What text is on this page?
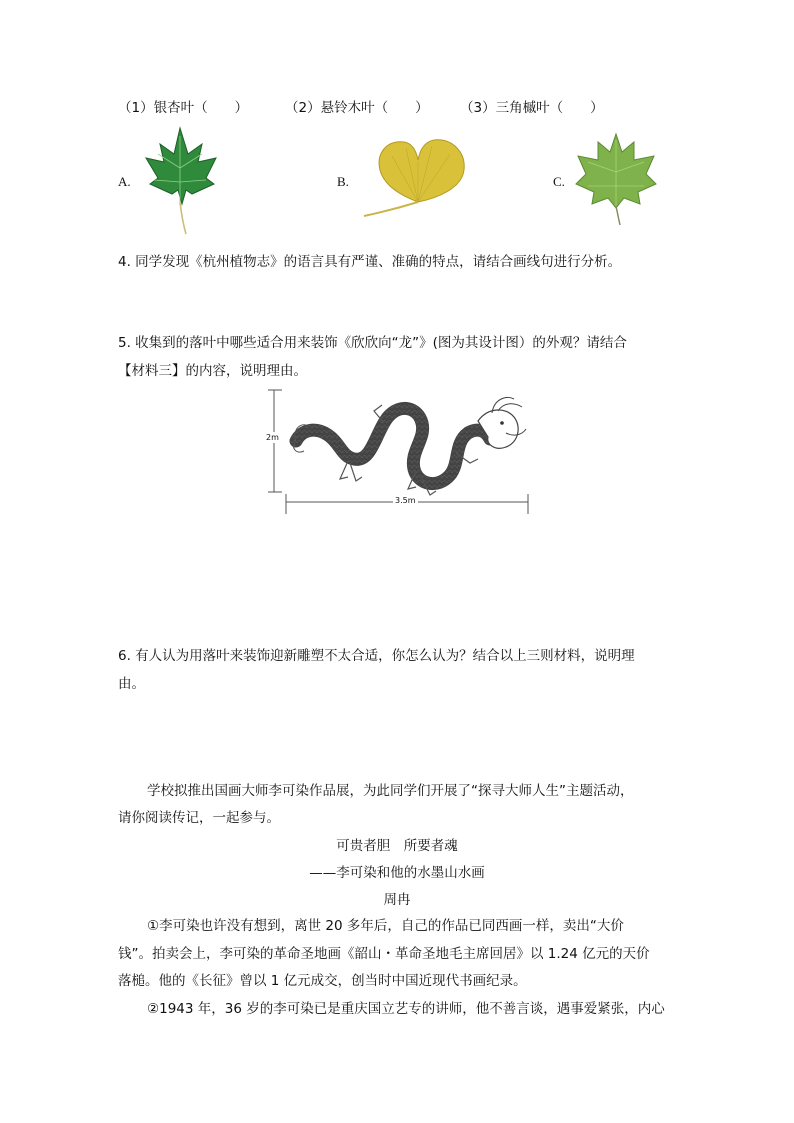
（1）银杏叶（　　）	（2）悬铃木叶（　　） （3）三角槭叶（　　）
A.	B.	C.
4. 同学发现《杭州植物志》的语言具有严谨、准确的特点，请结合画线句进行分析。
5. 收集到的落叶中哪些适合用来装饰《欣欣向“龙”》(图为其设计图）的外观？请结合
【材料三】的内容，说明理由。
2m
3.5m
6. 有人认为用落叶来装饰迎新雕塑不太合适，你怎么认为？结合以上三则材料，说明理
由。
学校拟推出国画大师李可染作品展，为此同学们开展了“探寻大师人生”主题活动，
请你阅读传记，一起参与。
可贵者胆　所要者魂
——李可染和他的水墨山水画
周冉
①李可染也许没有想到，离世 20 多年后，自己的作品已同西画一样，卖出“大价
钱”。拍卖会上，李可染的革命圣地画《韶山・革命圣地毛主席回居》以 1.24 亿元的天价
落槌。他的《长征》曾以 1 亿元成交，创当时中国近现代书画纪录。
②1943 年，36 岁的李可染已是重庆国立艺专的讲师，他不善言谈，遇事爱紧张，内心
